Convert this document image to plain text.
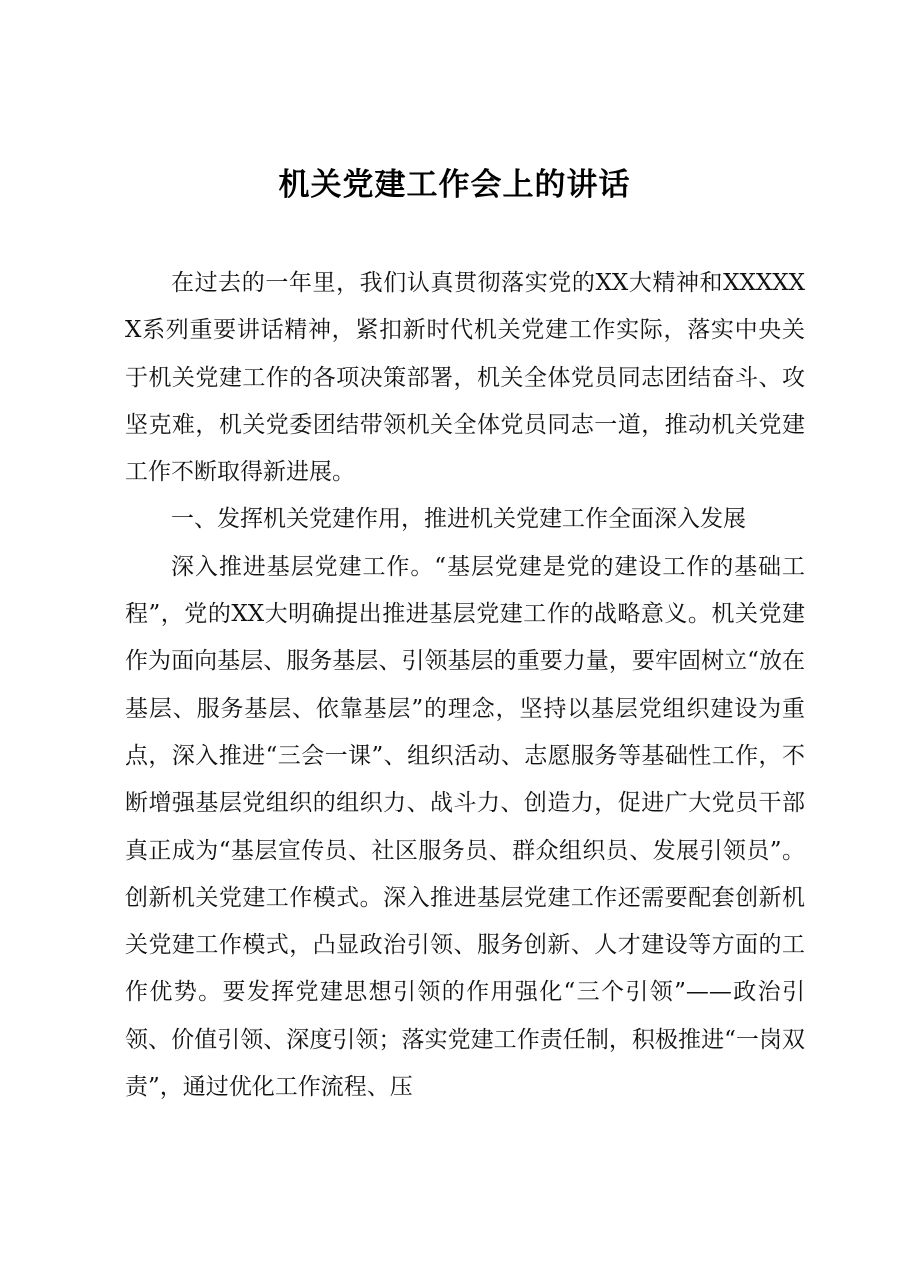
机关党建工作会上的讲话

在过去的一年里，我们认真贯彻落实党的XX大精神和XXXXXX系列重要讲话精神，紧扣新时代机关党建工作实际，落实中央关于机关党建工作的各项决策部署，机关全体党员同志团结奋斗、攻坚克难，机关党委团结带领机关全体党员同志一道，推动机关党建工作不断取得新进展。

一、发挥机关党建作用，推进机关党建工作全面深入发展

深入推进基层党建工作。“基层党建是党的建设工作的基础工程”，党的XX大明确提出推进基层党建工作的战略意义。机关党建作为面向基层、服务基层、引领基层的重要力量，要牢固树立“放在基层、服务基层、依靠基层”的理念，坚持以基层党组织建设为重点，深入推进“三会一课”、组织活动、志愿服务等基础性工作，不断增强基层党组织的组织力、战斗力、创造力，促进广大党员干部真正成为“基层宣传员、社区服务员、群众组织员、发展引领员”。创新机关党建工作模式。深入推进基层党建工作还需要配套创新机关党建工作模式，凸显政治引领、服务创新、人才建设等方面的工作优势。要发挥党建思想引领的作用强化“三个引领”——政治引领、价值引领、深度引领；落实党建工作责任制，积极推进“一岗双责”，通过优化工作流程、压
